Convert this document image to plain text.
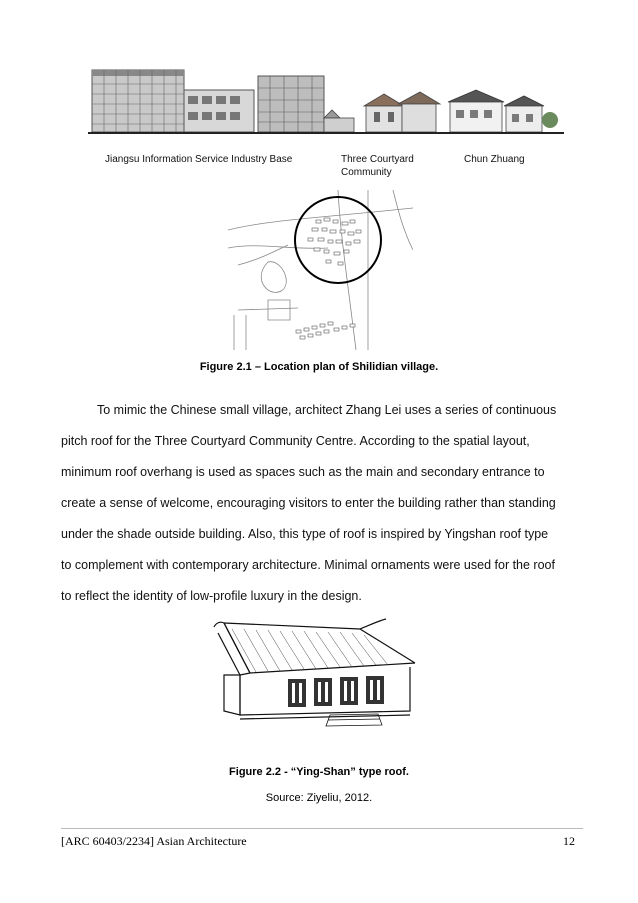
Jiangsu Information Service Industry Base	Three Courtyard
Community
Chun Zhuang
Figure 2.1 – Location plan of Shilidian village.
To mimic the Chinese small village, architect Zhang Lei uses a series of continuous
pitch roof for the Three Courtyard Community Centre. According to the spatial layout,
minimum roof overhang is used as spaces such as the main and secondary entrance to
create a sense of welcome, encouraging visitors to enter the building rather than standing
under the shade outside building. Also, this type of roof is inspired by Yingshan roof type
to complement with contemporary architecture. Minimal ornaments were used for the roof
to reflect the identity of low-profile luxury in the design.
Figure 2.2 - “Ying-Shan” type roof.
Source: Ziyeliu, 2012.
[ARC 60403/2234] Asian Architecture	12
